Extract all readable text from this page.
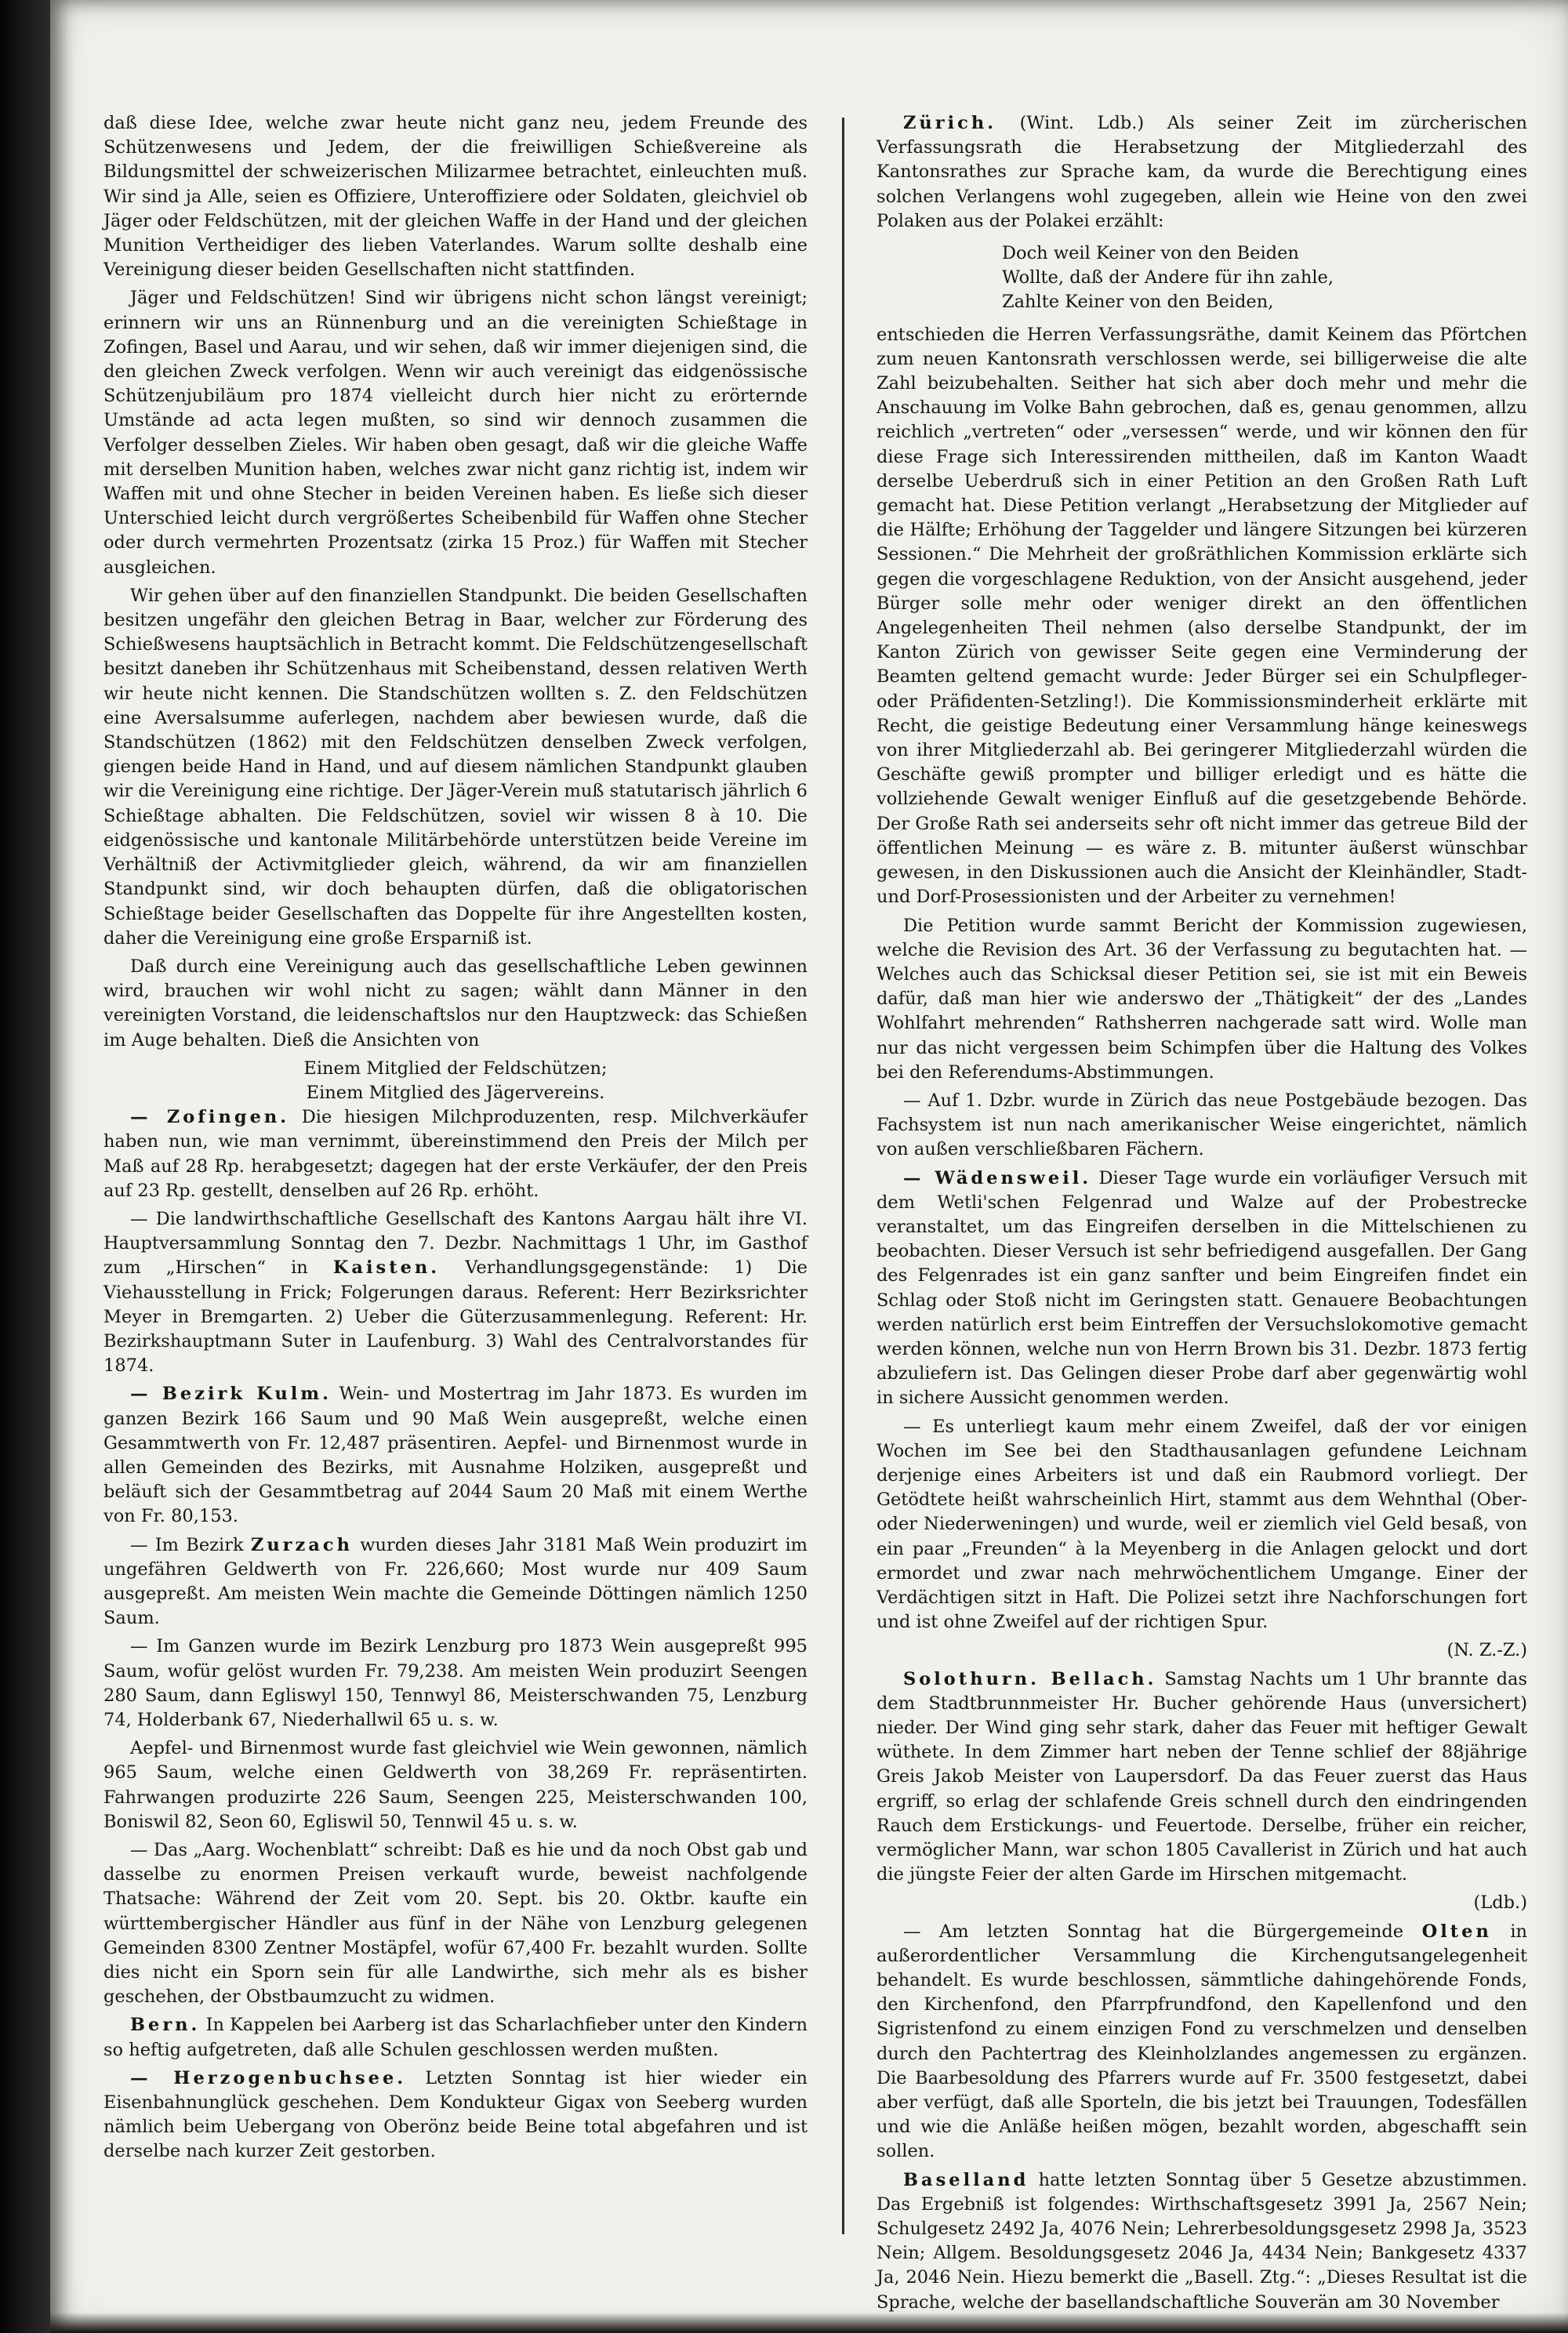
daß diese Idee, welche zwar heute nicht ganz neu, jedem Freunde des Schützenwesens und Jedem, der die freiwilligen Schießvereine als Bildungsmittel der schweizerischen Milizarmee betrachtet, einleuchten muß. Wir sind ja Alle, seien es Offiziere, Unteroffiziere oder Soldaten, gleichviel ob Jäger oder Feldschützen, mit der gleichen Waffe in der Hand und der gleichen Munition Vertheidiger des lieben Vaterlandes. Warum sollte deshalb eine Vereinigung dieser beiden Gesellschaften nicht stattfinden.

Jäger und Feldschützen! Sind wir übrigens nicht schon längst vereinigt; erinnern wir uns an Rünnenburg und an die vereinigten Schießtage in Zofingen, Basel und Aarau, und wir sehen, daß wir immer diejenigen sind, die den gleichen Zweck verfolgen. Wenn wir auch vereinigt das eidgenössische Schützenjubiläum pro 1874 vielleicht durch hier nicht zu erörternde Umstände ad acta legen mußten, so sind wir dennoch zusammen die Verfolger desselben Zieles. Wir haben oben gesagt, daß wir die gleiche Waffe mit derselben Munition haben, welches zwar nicht ganz richtig ist, indem wir Waffen mit und ohne Stecher in beiden Vereinen haben. Es ließe sich dieser Unterschied leicht durch vergrößertes Scheibenbild für Waffen ohne Stecher oder durch vermehrten Prozentsatz (zirka 15 Proz.) für Waffen mit Stecher ausgleichen.

Wir gehen über auf den finanziellen Standpunkt. Die beiden Gesellschaften besitzen ungefähr den gleichen Betrag in Baar, welcher zur Förderung des Schießwesens hauptsächlich in Betracht kommt. Die Feldschützengesellschaft besitzt daneben ihr Schützenhaus mit Scheibenstand, dessen relativen Werth wir heute nicht kennen. Die Standschützen wollten s. Z. den Feldschützen eine Aversalsumme auferlegen, nachdem aber bewiesen wurde, daß die Standschützen (1862) mit den Feldschützen denselben Zweck verfolgen, giengen beide Hand in Hand, und auf diesem nämlichen Standpunkt glauben wir die Vereinigung eine richtige. Der Jäger-Verein muß statutarisch jährlich 6 Schießtage abhalten. Die Feldschützen, soviel wir wissen 8 à 10. Die eidgenössische und kantonale Militärbehörde unterstützen beide Vereine im Verhältniß der Activmitglieder gleich, während, da wir am finanziellen Standpunkt sind, wir doch behaupten dürfen, daß die obligatorischen Schießtage beider Gesellschaften das Doppelte für ihre Angestellten kosten, daher die Vereinigung eine große Ersparniß ist.

Daß durch eine Vereinigung auch das gesellschaftliche Leben gewinnen wird, brauchen wir wohl nicht zu sagen; wählt dann Männer in den vereinigten Vorstand, die leidenschaftslos nur den Hauptzweck: das Schießen im Auge behalten. Dieß die Ansichten von

Einem Mitglied der Feldschützen;

Einem Mitglied des Jägervereins.

— Zofingen. Die hiesigen Milchproduzenten, resp. Milchverkäufer haben nun, wie man vernimmt, übereinstimmend den Preis der Milch per Maß auf 28 Rp. herabgesetzt; dagegen hat der erste Verkäufer, der den Preis auf 23 Rp. gestellt, denselben auf 26 Rp. erhöht.

— Die landwirthschaftliche Gesellschaft des Kantons Aargau hält ihre VI. Hauptversammlung Sonntag den 7. Dezbr. Nachmittags 1 Uhr, im Gasthof zum „Hirschen“ in Kaisten. Verhandlungsgegenstände: 1) Die Viehausstellung in Frick; Folgerungen daraus. Referent: Herr Bezirksrichter Meyer in Bremgarten. 2) Ueber die Güterzusammenlegung. Referent: Hr. Bezirkshauptmann Suter in Laufenburg. 3) Wahl des Centralvorstandes für 1874.

— Bezirk Kulm. Wein- und Mostertrag im Jahr 1873. Es wurden im ganzen Bezirk 166 Saum und 90 Maß Wein ausgepreßt, welche einen Gesammtwerth von Fr. 12,487 präsentiren. Aepfel- und Birnenmost wurde in allen Gemeinden des Bezirks, mit Ausnahme Holziken, ausgepreßt und beläuft sich der Gesammtbetrag auf 2044 Saum 20 Maß mit einem Werthe von Fr. 80,153.

— Im Bezirk Zurzach wurden dieses Jahr 3181 Maß Wein produzirt im ungefähren Geldwerth von Fr. 226,660; Most wurde nur 409 Saum ausgepreßt. Am meisten Wein machte die Gemeinde Döttingen nämlich 1250 Saum.

— Im Ganzen wurde im Bezirk Lenzburg pro 1873 Wein ausgepreßt 995 Saum, wofür gelöst wurden Fr. 79,238. Am meisten Wein produzirt Seengen 280 Saum, dann Egliswyl 150, Tennwyl 86, Meisterschwanden 75, Lenzburg 74, Holderbank 67, Niederhallwil 65 u. s. w.

Aepfel- und Birnenmost wurde fast gleichviel wie Wein gewonnen, nämlich 965 Saum, welche einen Geldwerth von 38,269 Fr. repräsentirten. Fahrwangen produzirte 226 Saum, Seengen 225, Meisterschwanden 100, Boniswil 82, Seon 60, Egliswil 50, Tennwil 45 u. s. w.

— Das „Aarg. Wochenblatt“ schreibt: Daß es hie und da noch Obst gab und dasselbe zu enormen Preisen verkauft wurde, beweist nachfolgende Thatsache: Während der Zeit vom 20. Sept. bis 20. Oktbr. kaufte ein württembergischer Händler aus fünf in der Nähe von Lenzburg gelegenen Gemeinden 8300 Zentner Mostäpfel, wofür 67,400 Fr. bezahlt wurden. Sollte dies nicht ein Sporn sein für alle Landwirthe, sich mehr als es bisher geschehen, der Obstbaumzucht zu widmen.

Bern. In Kappelen bei Aarberg ist das Scharlachfieber unter den Kindern so heftig aufgetreten, daß alle Schulen geschlossen werden mußten.

— Herzogenbuchsee. Letzten Sonntag ist hier wieder ein Eisenbahnunglück geschehen. Dem Kondukteur Gigax von Seeberg wurden nämlich beim Uebergang von Oberönz beide Beine total abgefahren und ist derselbe nach kurzer Zeit gestorben.

Zürich. (Wint. Ldb.) Als seiner Zeit im zürcherischen Verfassungsrath die Herabsetzung der Mitgliederzahl des Kantonsrathes zur Sprache kam, da wurde die Berechtigung eines solchen Verlangens wohl zugegeben, allein wie Heine von den zwei Polaken aus der Polakei erzählt:

Doch weil Keiner von den Beiden
Wollte, daß der Andere für ihn zahle,
Zahlte Keiner von den Beiden,

entschieden die Herren Verfassungsräthe, damit Keinem das Pförtchen zum neuen Kantonsrath verschlossen werde, sei billigerweise die alte Zahl beizubehalten. Seither hat sich aber doch mehr und mehr die Anschauung im Volke Bahn gebrochen, daß es, genau genommen, allzu reichlich „vertreten“ oder „versessen“ werde, und wir können den für diese Frage sich Interessirenden mittheilen, daß im Kanton Waadt derselbe Ueberdruß sich in einer Petition an den Großen Rath Luft gemacht hat. Diese Petition verlangt „Herabsetzung der Mitglieder auf die Hälfte; Erhöhung der Taggelder und längere Sitzungen bei kürzeren Sessionen.“ Die Mehrheit der großräthlichen Kommission erklärte sich gegen die vorgeschlagene Reduktion, von der Ansicht ausgehend, jeder Bürger solle mehr oder weniger direkt an den öffentlichen Angelegenheiten Theil nehmen (also derselbe Standpunkt, der im Kanton Zürich von gewisser Seite gegen eine Verminderung der Beamten geltend gemacht wurde: Jeder Bürger sei ein Schulpfleger- oder Präfidenten-Setzling!). Die Kommissionsminderheit erklärte mit Recht, die geistige Bedeutung einer Versammlung hänge keineswegs von ihrer Mitgliederzahl ab. Bei geringerer Mitgliederzahl würden die Geschäfte gewiß prompter und billiger erledigt und es hätte die vollziehende Gewalt weniger Einfluß auf die gesetzgebende Behörde. Der Große Rath sei anderseits sehr oft nicht immer das getreue Bild der öffentlichen Meinung — es wäre z. B. mitunter äußerst wünschbar gewesen, in den Diskussionen auch die Ansicht der Kleinhändler, Stadt- und Dorf-Prosessionisten und der Arbeiter zu vernehmen!

Die Petition wurde sammt Bericht der Kommission zugewiesen, welche die Revision des Art. 36 der Verfassung zu begutachten hat. — Welches auch das Schicksal dieser Petition sei, sie ist mit ein Beweis dafür, daß man hier wie anderswo der „Thätigkeit“ der des „Landes Wohlfahrt mehrenden“ Rathsherren nachgerade satt wird. Wolle man nur das nicht vergessen beim Schimpfen über die Haltung des Volkes bei den Referendums-Abstimmungen.

— Auf 1. Dzbr. wurde in Zürich das neue Postgebäude bezogen. Das Fachsystem ist nun nach amerikanischer Weise eingerichtet, nämlich von außen verschließbaren Fächern.

— Wädensweil. Dieser Tage wurde ein vorläufiger Versuch mit dem Wetli'schen Felgenrad und Walze auf der Probestrecke veranstaltet, um das Eingreifen derselben in die Mittelschienen zu beobachten. Dieser Versuch ist sehr befriedigend ausgefallen. Der Gang des Felgenrades ist ein ganz sanfter und beim Eingreifen findet ein Schlag oder Stoß nicht im Geringsten statt. Genauere Beobachtungen werden natürlich erst beim Eintreffen der Versuchslokomotive gemacht werden können, welche nun von Herrn Brown bis 31. Dezbr. 1873 fertig abzuliefern ist. Das Gelingen dieser Probe darf aber gegenwärtig wohl in sichere Aussicht genommen werden.

— Es unterliegt kaum mehr einem Zweifel, daß der vor einigen Wochen im See bei den Stadthausanlagen gefundene Leichnam derjenige eines Arbeiters ist und daß ein Raubmord vorliegt. Der Getödtete heißt wahrscheinlich Hirt, stammt aus dem Wehnthal (Ober- oder Niederweningen) und wurde, weil er ziemlich viel Geld besaß, von ein paar „Freunden“ à la Meyenberg in die Anlagen gelockt und dort ermordet und zwar nach mehrwöchentlichem Umgange. Einer der Verdächtigen sitzt in Haft. Die Polizei setzt ihre Nachforschungen fort und ist ohne Zweifel auf der richtigen Spur.

(N. Z.-Z.)

Solothurn. Bellach. Samstag Nachts um 1 Uhr brannte das dem Stadtbrunnmeister Hr. Bucher gehörende Haus (unversichert) nieder. Der Wind ging sehr stark, daher das Feuer mit heftiger Gewalt wüthete. In dem Zimmer hart neben der Tenne schlief der 88jährige Greis Jakob Meister von Laupersdorf. Da das Feuer zuerst das Haus ergriff, so erlag der schlafende Greis schnell durch den eindringenden Rauch dem Erstickungs- und Feuertode. Derselbe, früher ein reicher, vermöglicher Mann, war schon 1805 Cavallerist in Zürich und hat auch die jüngste Feier der alten Garde im Hirschen mitgemacht.

(Ldb.)

— Am letzten Sonntag hat die Bürgergemeinde Olten in außerordentlicher Versammlung die Kirchengutsangelegenheit behandelt. Es wurde beschlossen, sämmtliche dahingehörende Fonds, den Kirchenfond, den Pfarrpfrundfond, den Kapellenfond und den Sigristenfond zu einem einzigen Fond zu verschmelzen und denselben durch den Pachtertrag des Kleinholzlandes angemessen zu ergänzen. Die Baarbesoldung des Pfarrers wurde auf Fr. 3500 festgesetzt, dabei aber verfügt, daß alle Sporteln, die bis jetzt bei Trauungen, Todesfällen und wie die Anläße heißen mögen, bezahlt worden, abgeschafft sein sollen.

Baselland hatte letzten Sonntag über 5 Gesetze abzustimmen. Das Ergebniß ist folgendes: Wirthschaftsgesetz 3991 Ja, 2567 Nein; Schulgesetz 2492 Ja, 4076 Nein; Lehrerbesoldungsgesetz 2998 Ja, 3523 Nein; Allgem. Besoldungsgesetz 2046 Ja, 4434 Nein; Bankgesetz 4337 Ja, 2046 Nein. Hiezu bemerkt die „Basell. Ztg.“: „Dieses Resultat ist die Sprache, welche der basellandschaftliche Souverän am 30 November
